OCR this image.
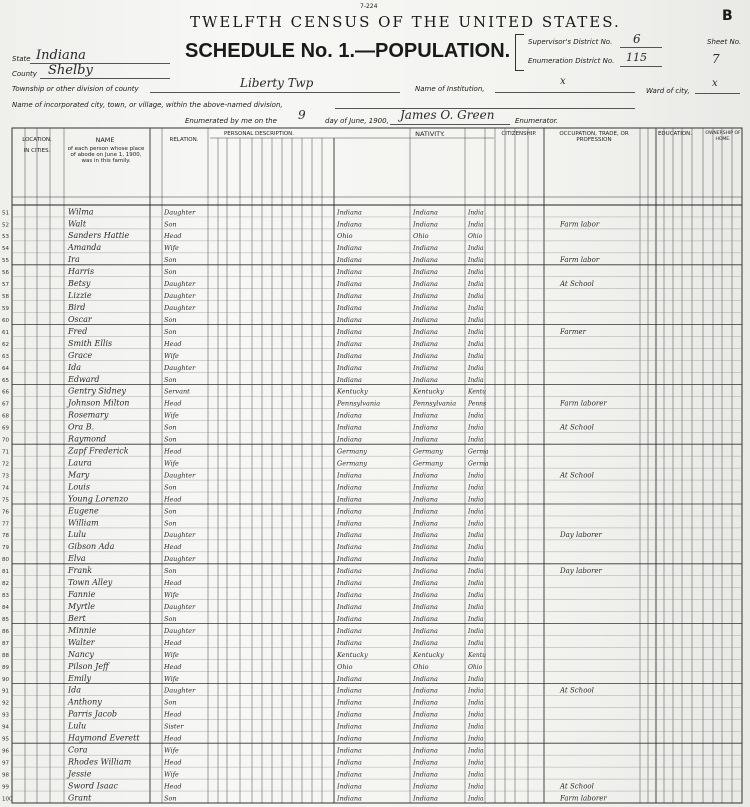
7-224
B
TWELFTH CENSUS OF THE UNITED STATES.
SCHEDULE No. 1.—POPULATION.	Supervisor's District No. 6
Enumeration District No. 115
Sheet No.
7
State Indiana
County Shelby
Township or other division of county	Liberty Twp	Name of Institution,
x
Ward of city,
x
Name of incorporated city, town, or village, within the above-named division,
Enumerated by me on the 9	day of June, 1900, James O. Green	Enumerator.
LOCATION.
IN CITIES.
NAME
of each person whose place of abode on June 1, 1900, was in this family.
RELATION.
PERSONAL DESCRIPTION.	NATIVITY.	CITIZENSHIP.	OCCUPATION, TRADE, OR PROFESSION
EDUCATION.	OWNERSHIP OF HOME.
51	Wilma	Daughter	Indiana	Indiana	India
52	Walt	Son	Indiana	Indiana	India	Farm labor
53	Sanders Hattie	Head	Ohio	Ohio	Ohio
54	Amanda	Wife	Indiana	Indiana	India
55	Ira	Son	Indiana	Indiana	India	Farm labor
56	Harris	Son	Indiana	Indiana	India
57	Betsy	Daughter	Indiana	Indiana	India	At School
58	Lizzie	Daughter	Indiana	Indiana	India
59	Bird	Daughter	Indiana	Indiana	India
60	Oscar	Son	Indiana	Indiana	India
61	Fred	Son	Indiana	Indiana	India	Farmer
62	Smith Ellis	Head	Indiana	Indiana	India
63	Grace	Wife	Indiana	Indiana	India
64	Ida	Daughter	Indiana	Indiana	India
65	Edward	Son	Indiana	Indiana	India
66	Gentry Sidney	Servant	Kentucky	Kentucky	Kentu
67	Johnson Milton	Head	Pennsylvania	Pennsylvania Penns	Farm laborer
68	Rosemary	Wife	Indiana	Indiana	India
69	Ora B.	Son	Indiana	Indiana	India	At School
70	Raymond	Son	Indiana	Indiana	India
71	Zapf Frederick	Head	Germany	Germany	Germa
72	Laura	Wife	Germany	Germany	Germa
73	Mary	Daughter	Indiana	Indiana	India	At School
74	Louis	Son	Indiana	Indiana	India
75	Young Lorenzo	Head	Indiana	Indiana	India
76	Eugene	Son	Indiana	Indiana	India
77	William	Son	Indiana	Indiana	India
78	Lulu	Daughter	Indiana	Indiana	India	Day laborer
79	Gibson Ada	Head	Indiana	Indiana	India
80	Elva	Daughter	Indiana	Indiana	India
81	Frank	Son	Indiana	Indiana	India	Day laborer
82	Town Alley	Head	Indiana	Indiana	India
83	Fannie	Wife	Indiana	Indiana	India
84	Myrtle	Daughter	Indiana	Indiana	India
85	Bert	Son	Indiana	Indiana	India
86	Minnie	Daughter	Indiana	Indiana	India
87	Walter	Head	Indiana	Indiana	India
88	Nancy	Wife	Kentucky	Kentucky	Kentu
89	Pilson Jeff	Head	Ohio	Ohio	Ohio
90	Emily	Wife	Indiana	Indiana	India
91	Ida	Daughter	Indiana	Indiana	India	At School
92	Anthony	Son	Indiana	Indiana	India
93	Parris Jacob	Head	Indiana	Indiana	India
94	Lulu	Sister	Indiana	Indiana	India
95	Haymond Everett	Head	Indiana	Indiana	India
96	Cora	Wife	Indiana	Indiana	India
97	Rhodes William	Head	Indiana	Indiana	India
98	Jessie	Wife	Indiana	Indiana	India
99	Sword Isaac	Head	Indiana	Indiana	India	At School
100	Grant	Son	Indiana	Indiana	India	Farm laborer
